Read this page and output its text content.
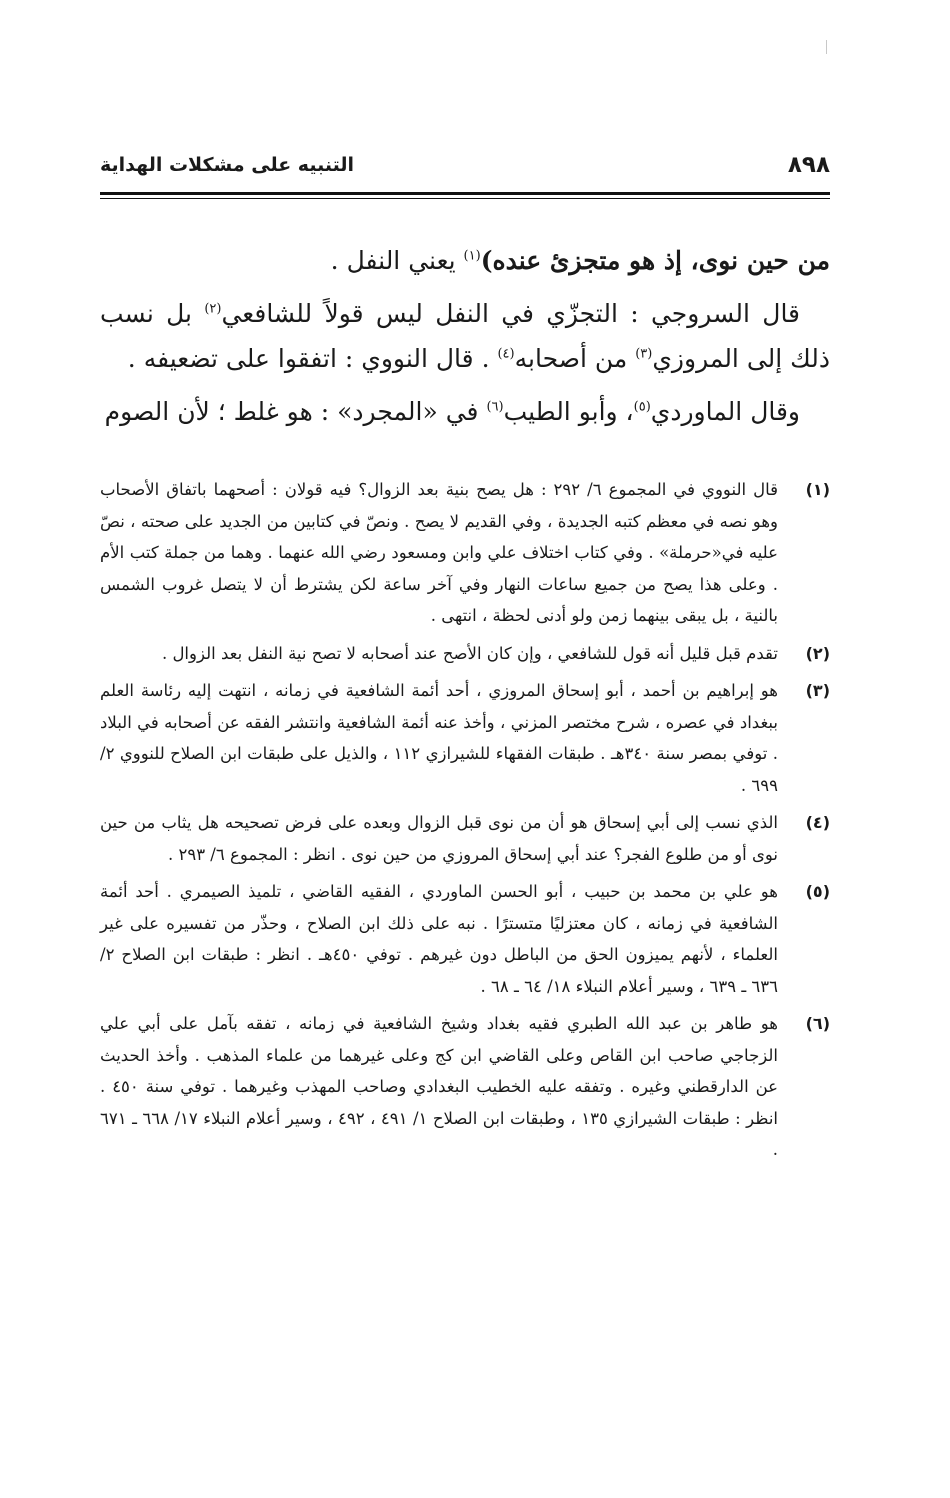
٨٩٨
التنبيه على مشكلات الهداية

من حين نوى، إذ هو متجزئ عنده)$^{(١)}$ يعني النفل .

قال السروجي : التجزّي في النفل ليس قولاً للشافعي$^{(٢)}$ بل نسب ذلك إلى المروزي$^{(٣)}$ من أصحابه$^{(٤)}$ . قال النووي : اتفقوا على تضعيفه .

وقال الماوردي$^{(٥)}$، وأبو الطيب$^{(٦)}$ في «المجرد» : هو غلط ؛ لأن الصوم

(١)
قال النووي في المجموع ٦/ ٢٩٢ : هل يصح بنية بعد الزوال؟ فيه قولان : أصحهما باتفاق الأصحاب وهو نصه في معظم كتبه الجديدة ، وفي القديم لا يصح . ونصّ في كتابين من الجديد على صحته ، نصّ عليه في«حرملة» . وفي كتاب اختلاف علي وابن ومسعود رضي الله عنهما . وهما من جملة كتب الأم . وعلى هذا يصح من جميع ساعات النهار وفي آخر ساعة لكن يشترط أن لا يتصل غروب الشمس بالنية ، بل يبقى بينهما زمن ولو أدنى لحظة ، انتهى .
(٢)
تقدم قبل قليل أنه قول للشافعي ، وإن كان الأصح عند أصحابه لا تصح نية النفل بعد الزوال .
(٣)
هو إبراهيم بن أحمد ، أبو إسحاق المروزي ، أحد أئمة الشافعية في زمانه ، انتهت إليه رئاسة العلم ببغداد في عصره ، شرح مختصر المزني ، وأخذ عنه أئمة الشافعية وانتشر الفقه عن أصحابه في البلاد . توفي بمصر سنة ٣٤٠هـ . طبقات الفقهاء للشيرازي ١١٢ ، والذيل على طبقات ابن الصلاح للنووي ٢/ ٦٩٩ .
(٤)
الذي نسب إلى أبي إسحاق هو أن من نوى قبل الزوال وبعده على فرض تصحيحه هل يثاب من حين نوى أو من طلوع الفجر؟ عند أبي إسحاق المروزي من حين نوى . انظر : المجموع ٦/ ٢٩٣ .
(٥)
هو علي بن محمد بن حبيب ، أبو الحسن الماوردي ، الفقيه القاضي ، تلميذ الصيمري . أحد أئمة الشافعية في زمانه ، كان معتزليًا متسترًا . نبه على ذلك ابن الصلاح ، وحذّر من تفسيره على غير العلماء ، لأنهم يميزون الحق من الباطل دون غيرهم . توفي ٤٥٠هـ . انظر : طبقات ابن الصلاح ٢/ ٦٣٦ ـ ٦٣٩ ، وسير أعلام النبلاء ١٨/ ٦٤ ـ ٦٨ .
(٦)
هو طاهر بن عبد الله الطبري فقيه بغداد وشيخ الشافعية في زمانه ، تفقه بآمل على أبي علي الزجاجي صاحب ابن القاص وعلى القاضي ابن كج وعلى غيرهما من علماء المذهب . وأخذ الحديث عن الدارقطني وغيره . وتفقه عليه الخطيب البغدادي وصاحب المهذب وغيرهما . توفي سنة ٤٥٠ . انظر : طبقات الشيرازي ١٣٥ ، وطبقات ابن الصلاح ١/ ٤٩١ ، ٤٩٢ ، وسير أعلام النبلاء ١٧/ ٦٦٨ ـ ٦٧١ .
